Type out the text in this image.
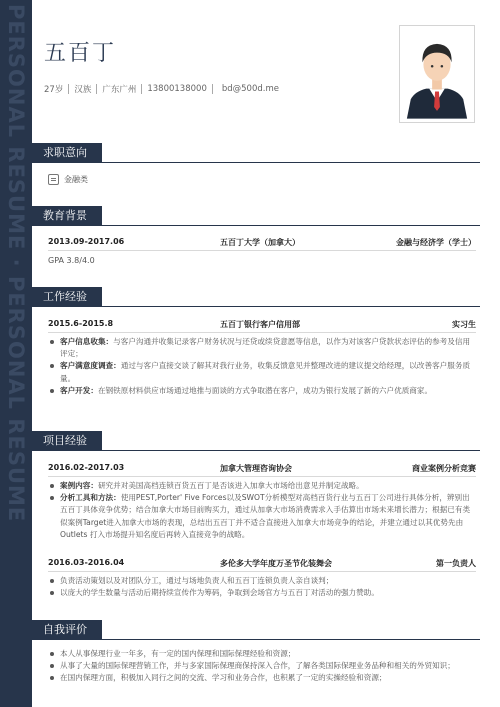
PERSONAL RESUME · PERSONAL RESUME 五百丁
27岁 汉族 广东广州 13800138000 bd@500d.me
求职意向
金融类
教育背景
2013.09-2017.06	五百丁大学（加拿大）	金融与经济学（学士）
GPA 3.8/4.0
工作经验
2015.6-2015.8	五百丁银行客户信用部	实习生
客户信息收集：与客户沟通并收集记录客户财务状况与还贷或续贷意愿等信息，以作为对该客户贷款状态评估的参考及信用评定；
客户满意度调查：通过与客户直接交谈了解其对我行业务，收集反馈意见并整理改进的建议提交给经理，以改善客户服务质量。
客户开发：在钢铁原材料供应市场通过地推与面谈的方式争取潜在客户，成功为银行发展了新的六户优质商家。
项目经验
2016.02-2017.03	加拿大管理咨询协会	商业案例分析竞赛
案例内容：研究并对美国高档连锁百货五百丁是否该进入加拿大市场给出意见并制定战略。
分析工具和方法：使用PEST,Porter' Five Forces以及SWOT分析模型对高档百货行业与五百丁公司进行具体分析，辨别出五百丁具体竞争优势；结合加拿大市场目前购买力，通过从加拿大市场消费需求入手估算出市场未来增长潜力；根据已有类似案例Target进入加拿大市场的表现，总结出五百丁并不适合直接进入加拿大市场竞争的结论，并建立通过以其优势先由 Outlets 打入市场提升知名度后再转入直接竞争的战略。
2016.03-2016.04	多伦多大学年度万圣节化装舞会	第一负责人
负责活动策划以及对团队分工，通过与场地负责人和五百丁连锁负责人亲自谈判；
以庞大的学生数量与活动后期持续宣传作为筹码，争取到会场官方与五百丁对活动的强力赞助。
自我评价
本人从事保理行业一年多，有一定的国内保理和国际保理经验和资源；
从事了大量的国际保理营销工作，并与多家国际保理商保持深入合作，了解各类国际保理业务品种和相关的外贸知识；
在国内保理方面，积极加入同行之间的交流、学习和业务合作，也积累了一定的实操经验和资源；
